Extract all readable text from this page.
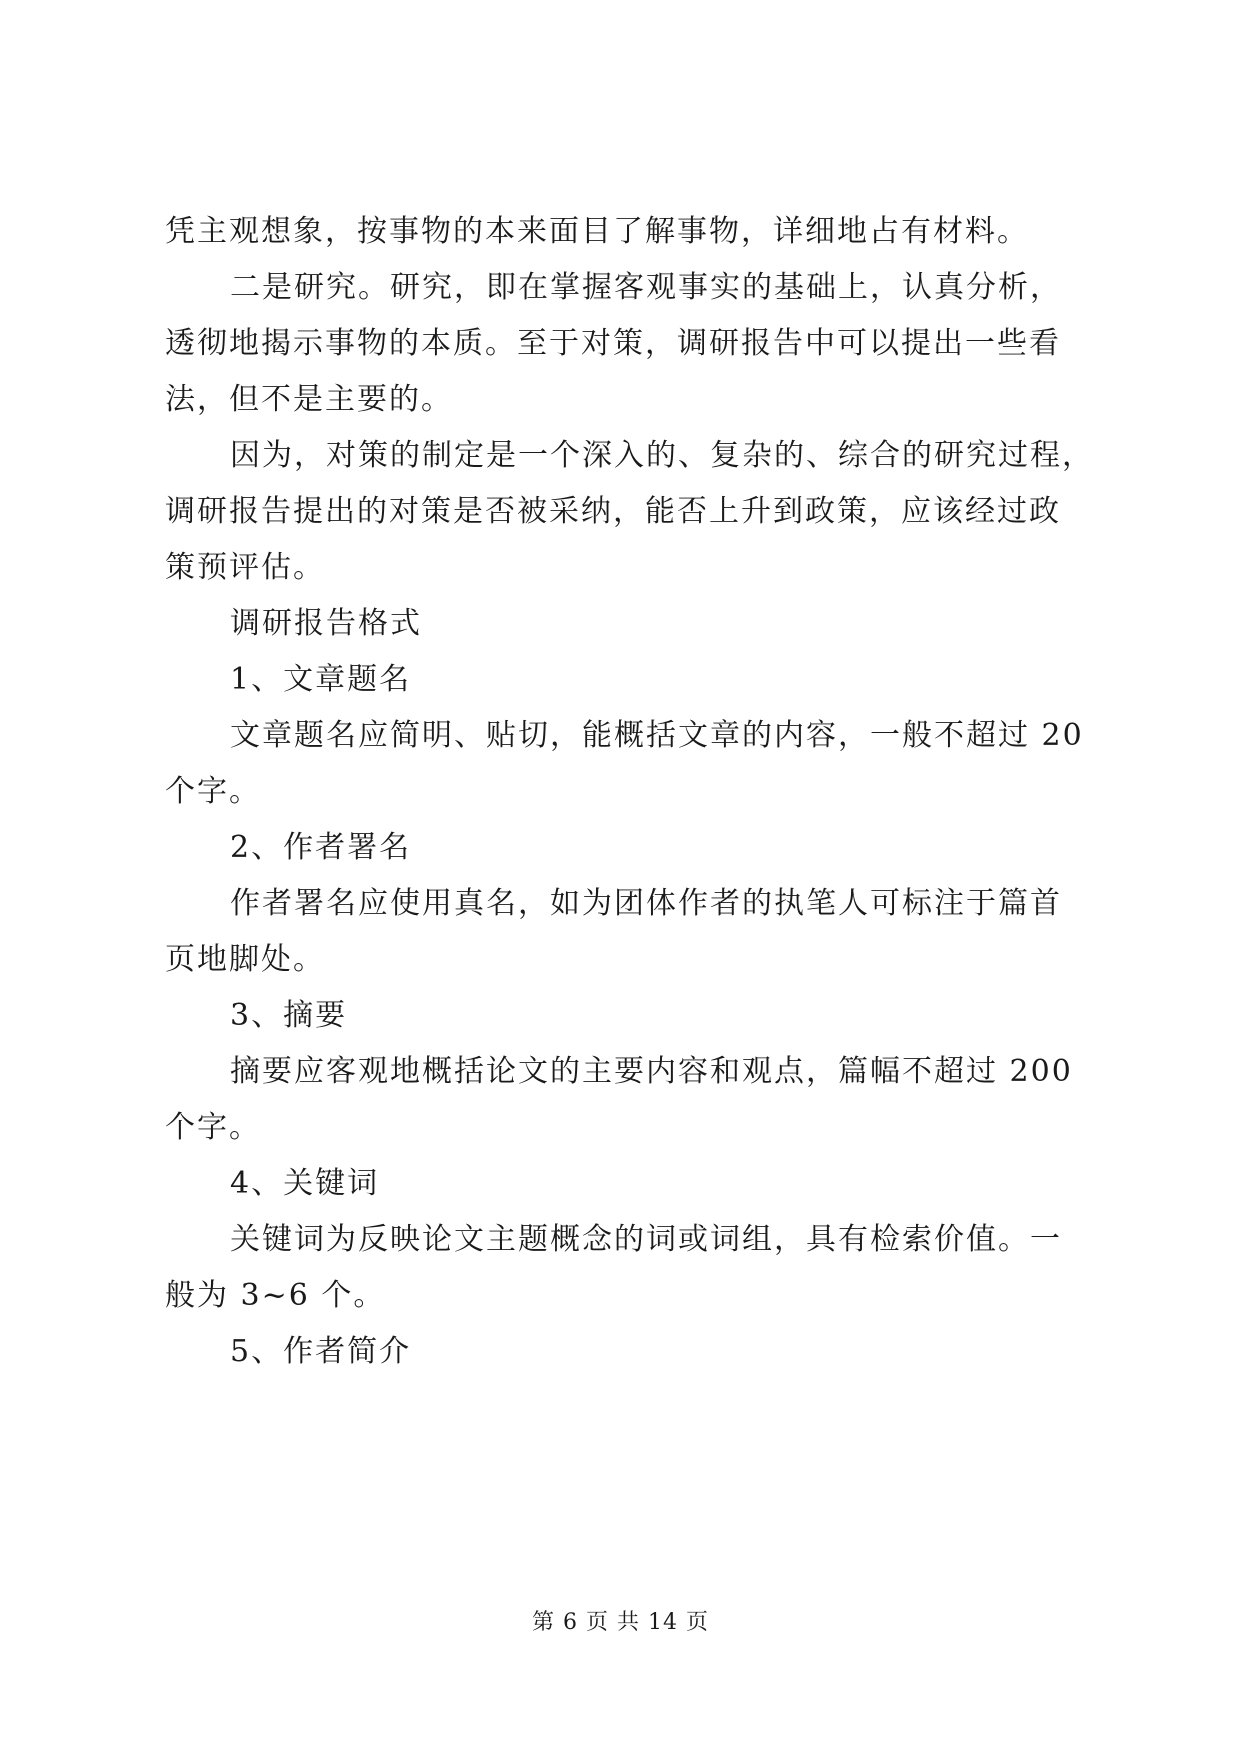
凭主观想象，按事物的本来面目了解事物，详细地占有材料。
二是研究。研究，即在掌握客观事实的基础上，认真分析，
透彻地揭示事物的本质。至于对策，调研报告中可以提出一些看
法，但不是主要的。
因为，对策的制定是一个深入的、复杂的、综合的研究过程，
调研报告提出的对策是否被采纳，能否上升到政策，应该经过政
策预评估。
调研报告格式
1、文章题名
文章题名应简明、贴切，能概括文章的内容，一般不超过 20
个字。
2、作者署名
作者署名应使用真名，如为团体作者的执笔人可标注于篇首
页地脚处。
3、摘要
摘要应客观地概括论文的主要内容和观点，篇幅不超过 200
个字。
4、关键词
关键词为反映论文主题概念的词或词组，具有检索价值。一
般为 3~6 个。
5、作者简介
第 6 页 共 14 页
